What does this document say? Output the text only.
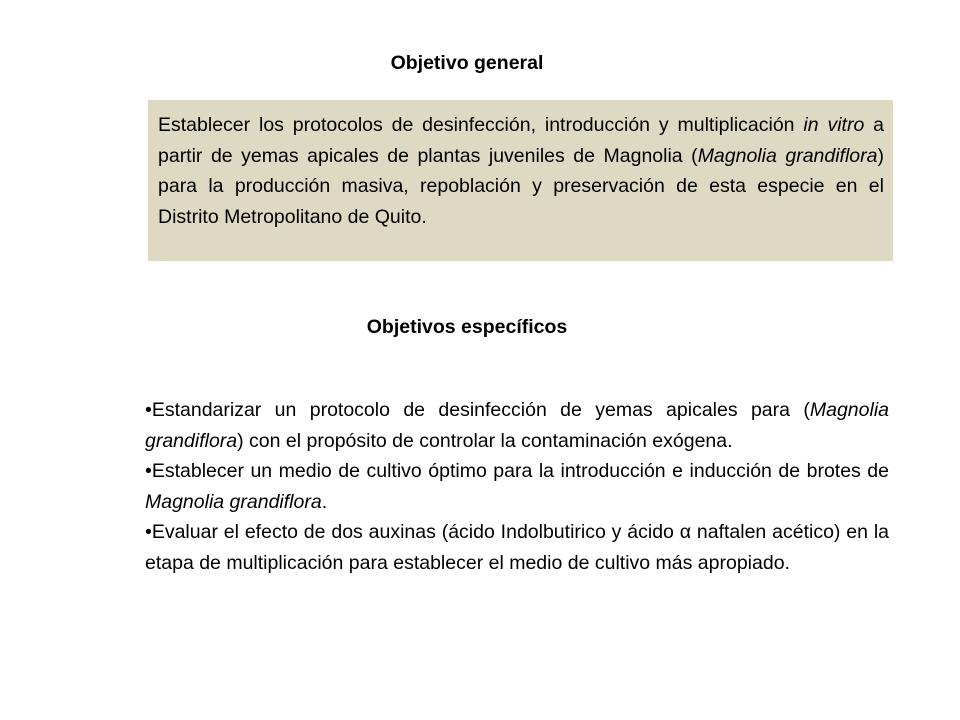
Objetivo general

Establecer los protocolos de desinfección, introducción y multiplicación in vitro a partir de yemas apicales de plantas juveniles de Magnolia (Magnolia grandiflora) para la producción masiva, repoblación y preservación de esta especie en el Distrito Metropolitano de Quito.

Objetivos específicos
•Estandarizar un protocolo de desinfección de yemas apicales para (Magnolia grandiflora) con el propósito de controlar la contaminación exógena.
•Establecer un medio de cultivo óptimo para la introducción e inducción de brotes de Magnolia grandiflora.
•Evaluar el efecto de dos auxinas (ácido Indolbutirico y ácido α naftalen acético) en la etapa de multiplicación para establecer el medio de cultivo más apropiado.
